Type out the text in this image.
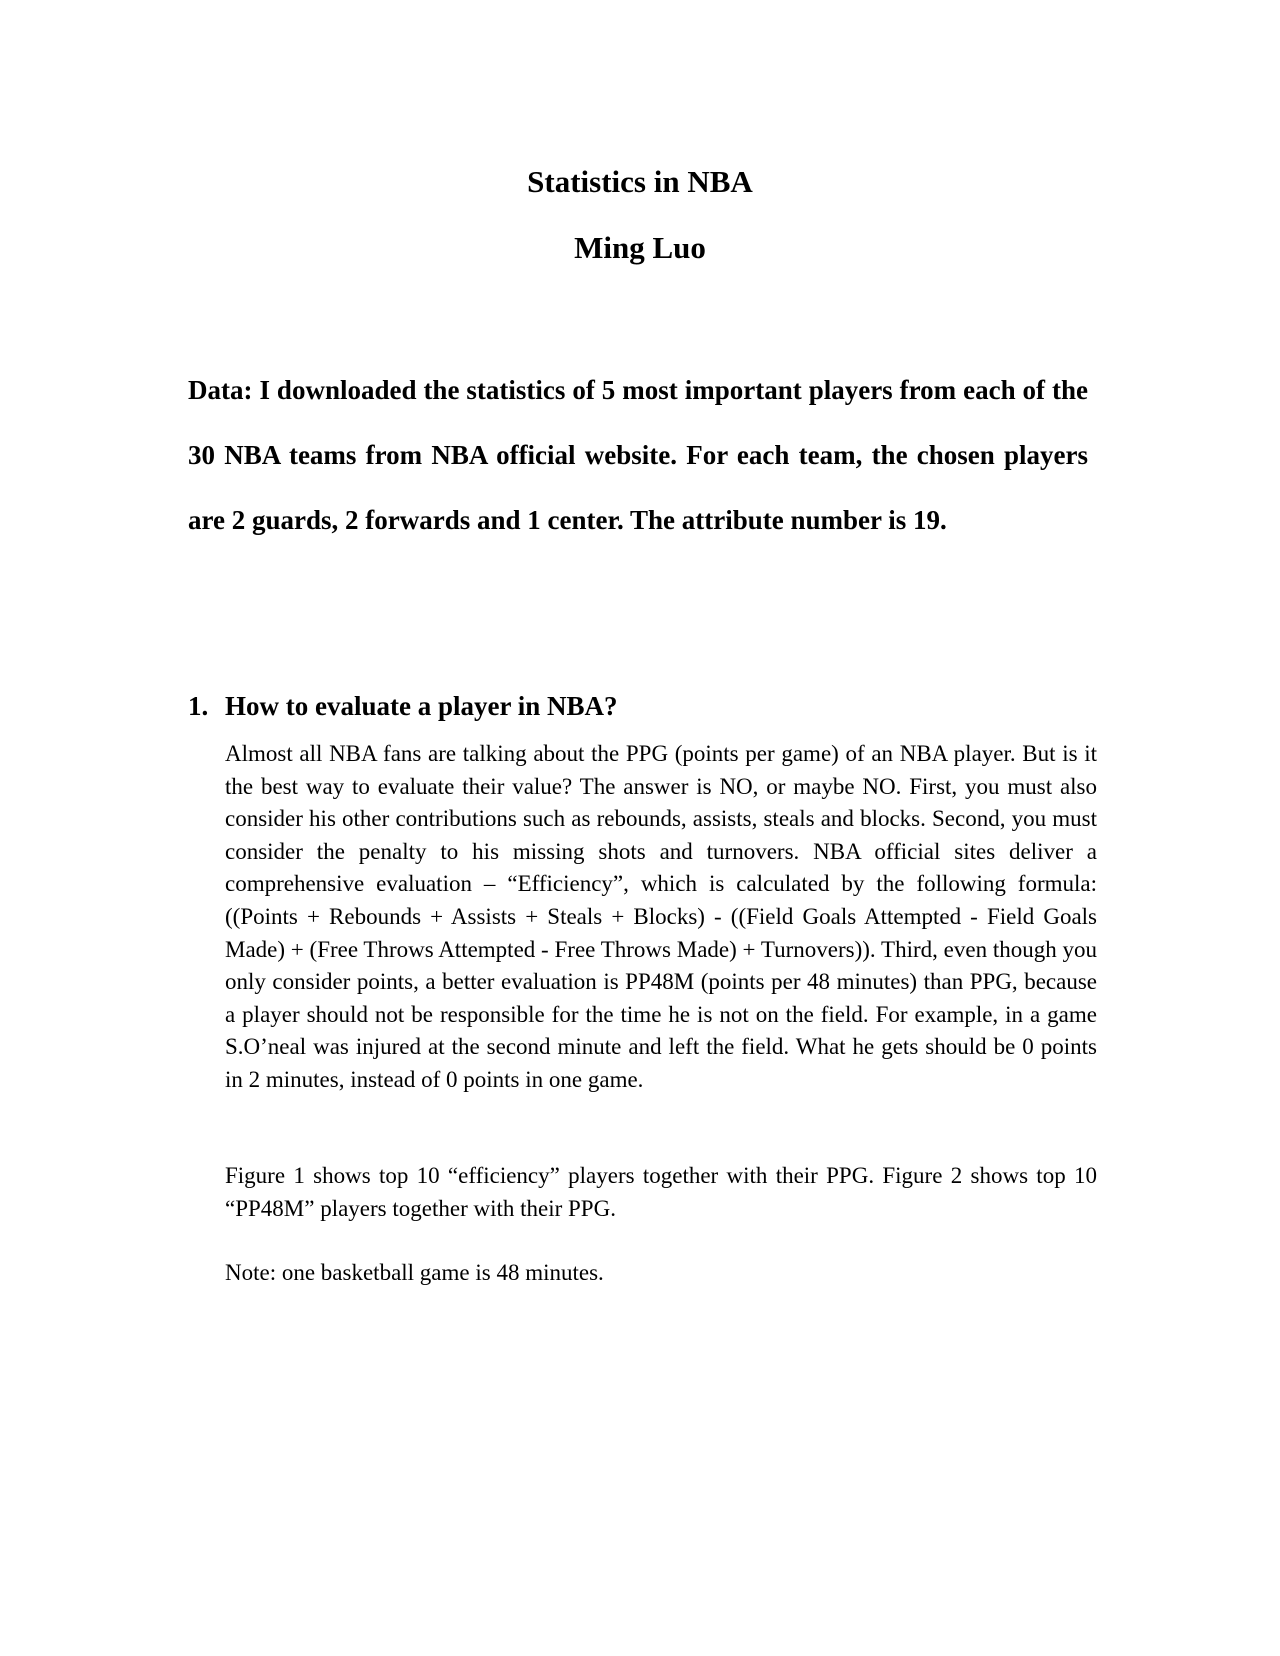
Statistics in NBA
Ming Luo
Data: I downloaded the statistics of 5 most important players from each of the 30 NBA teams from NBA official website. For each team, the chosen players are 2 guards, 2 forwards and 1 center. The attribute number is 19.
1. How to evaluate a player in NBA?
Almost all NBA fans are talking about the PPG (points per game) of an NBA player. But is it the best way to evaluate their value? The answer is NO, or maybe NO. First, you must also consider his other contributions such as rebounds, assists, steals and blocks. Second, you must consider the penalty to his missing shots and turnovers. NBA official sites deliver a comprehensive evaluation – “Efficiency”, which is calculated by the following formula: ((Points + Rebounds + Assists + Steals + Blocks) - ((Field Goals Attempted - Field Goals Made) + (Free Throws Attempted - Free Throws Made) + Turnovers)). Third, even though you only consider points, a better evaluation is PP48M (points per 48 minutes) than PPG, because a player should not be responsible for the time he is not on the field. For example, in a game S.O’neal was injured at the second minute and left the field. What he gets should be 0 points in 2 minutes, instead of 0 points in one game.
Figure 1 shows top 10 “efficiency” players together with their PPG. Figure 2 shows top 10 “PP48M” players together with their PPG.
Note: one basketball game is 48 minutes.
